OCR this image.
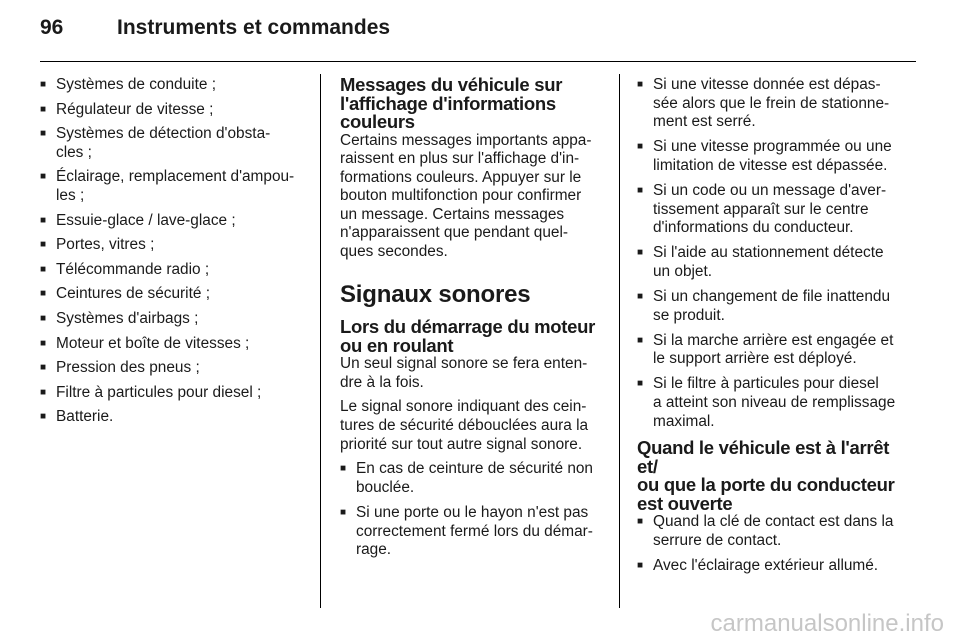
96	Instruments et commandes
■ Systèmes de conduite ;
■ Régulateur de vitesse ;
■ Systèmes de détection d'obsta-
cles ;
■ Éclairage, remplacement d'ampou-
les ;
■ Essuie-glace / lave-glace ;
■ Portes, vitres ;
■ Télécommande radio ;
■ Ceintures de sécurité ;
■ Systèmes d'airbags ;
■ Moteur et boîte de vitesses ;
■ Pression des pneus ;
■ Filtre à particules pour diesel ;
■ Batterie.
Messages du véhicule sur
l'affichage d'informations
couleurs

Certains messages importants appa-
raissent en plus sur l'affichage d'in-
formations couleurs. Appuyer sur le
bouton multifonction pour confirmer
un message. Certains messages
n'apparaissent que pendant quel-
ques secondes.

Signaux sonores
Lors du démarrage du moteur
ou en roulant

Un seul signal sonore se fera enten-
dre à la fois.

Le signal sonore indiquant des cein-
tures de sécurité débouclées aura la
priorité sur tout autre signal sonore.

■ En cas de ceinture de sécurité non
bouclée.
■ Si une porte ou le hayon n'est pas
correctement fermé lors du démar-
rage.
■ Si une vitesse donnée est dépas-
sée alors que le frein de stationne-
ment est serré.
■ Si une vitesse programmée ou une
limitation de vitesse est dépassée.
■ Si un code ou un message d'aver-
tissement apparaît sur le centre
d'informations du conducteur.
■ Si l'aide au stationnement détecte
un objet.
■ Si un changement de file inattendu
se produit.
■ Si la marche arrière est engagée et
le support arrière est déployé.
■ Si le filtre à particules pour diesel
a atteint son niveau de remplissage
maximal.
Quand le véhicule est à l'arrêt et/
ou que la porte du conducteur
est ouverte
■ Quand la clé de contact est dans la
serrure de contact.
■ Avec l'éclairage extérieur allumé.
carmanualsonline.info
